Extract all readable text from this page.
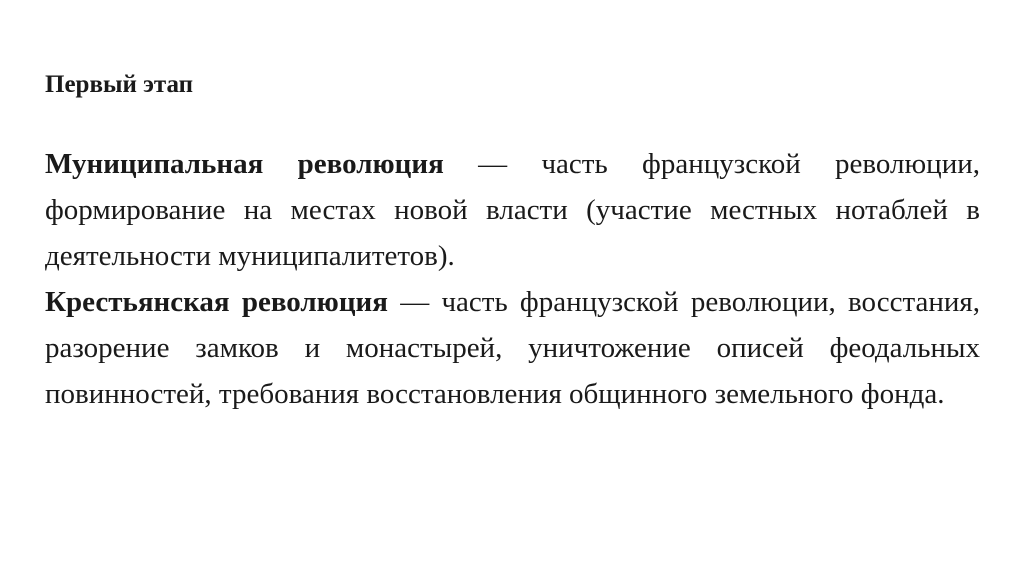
Первый этап

Муниципальная революция — часть французской революции, формирование на местах новой власти (участие местных нотаблей в деятельности муниципалитетов).

Крестьянская революция — часть французской революции, восстания, разорение замков и монастырей, уничтожение описей феодальных повинностей, требования восстановления общинного земельного фонда.
